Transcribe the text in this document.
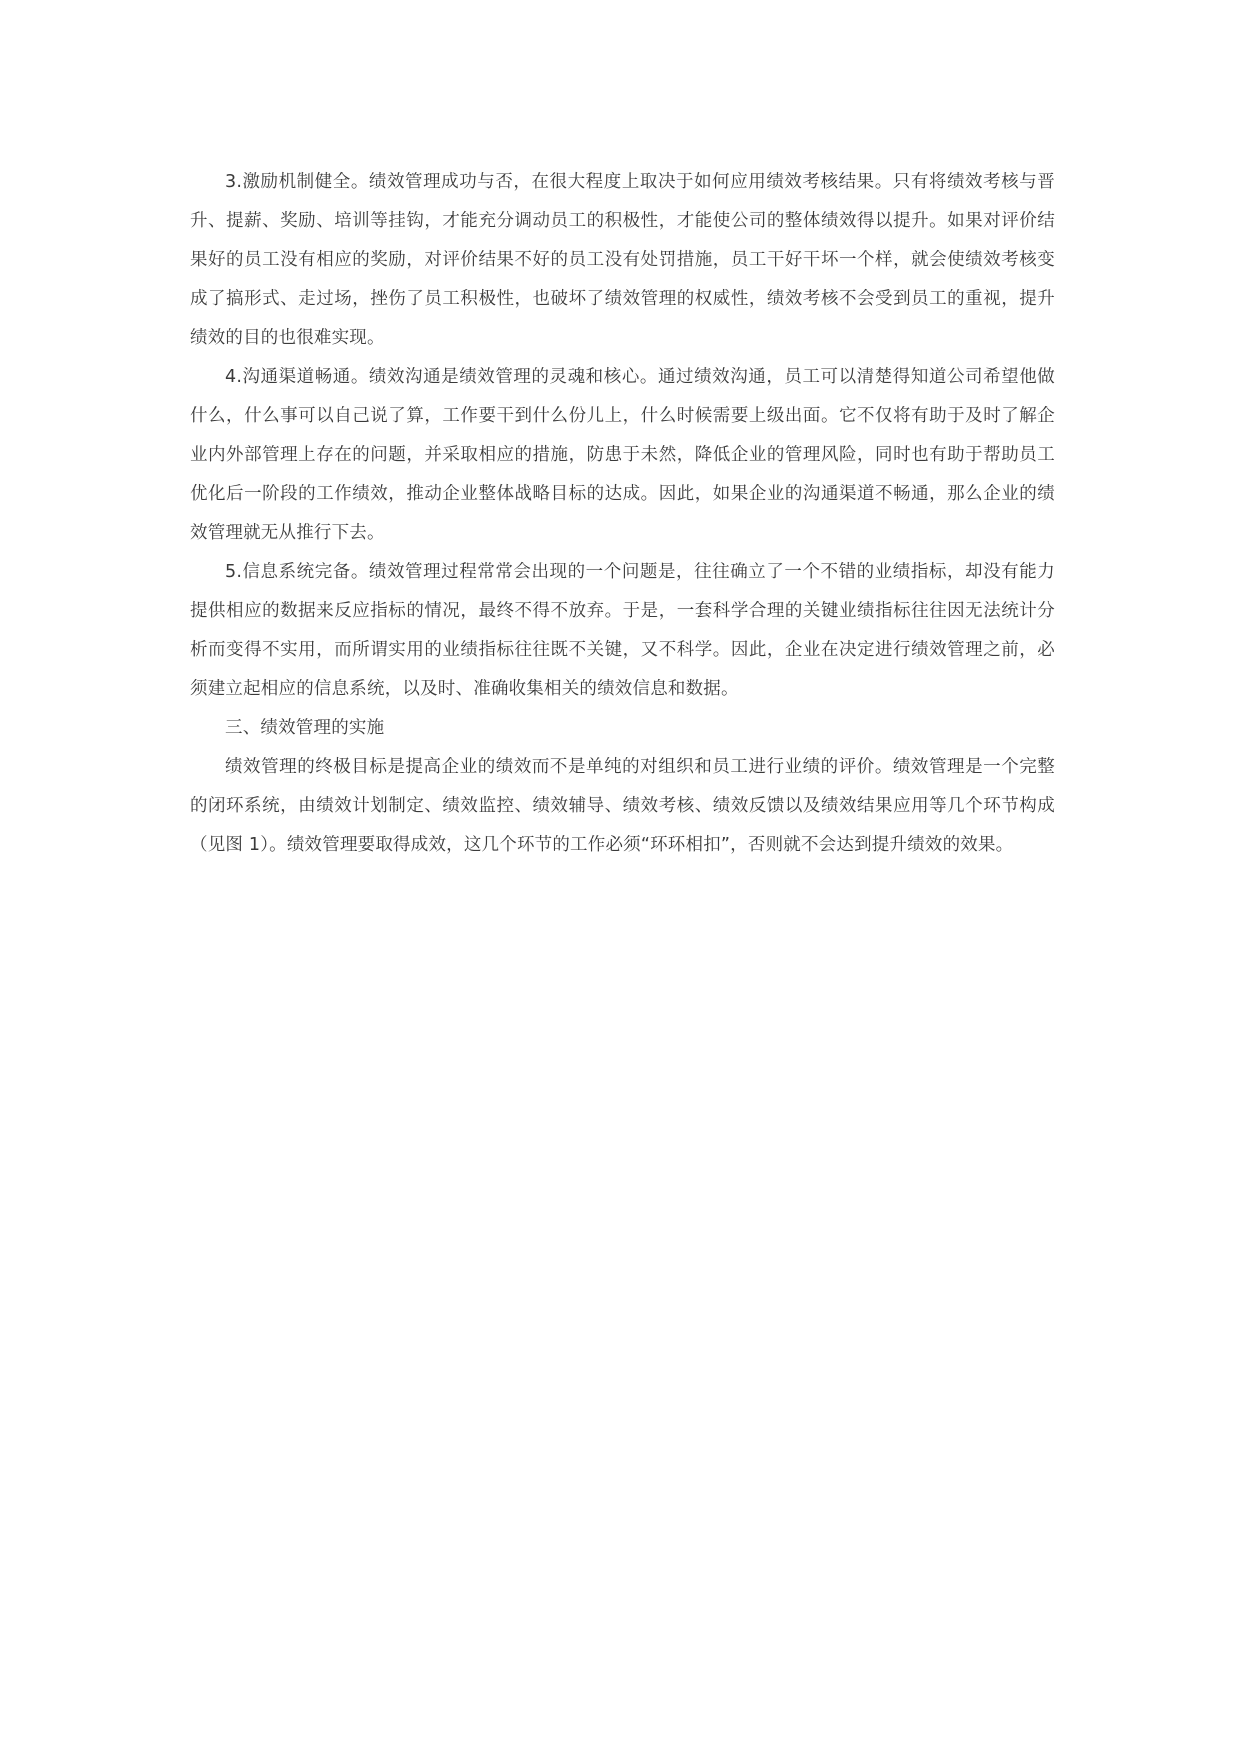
3.激励机制健全。绩效管理成功与否，在很大程度上取决于如何应用绩效考核结果。只有将绩效考核与晋升、提薪、奖励、培训等挂钩，才能充分调动员工的积极性，才能使公司的整体绩效得以提升。如果对评价结果好的员工没有相应的奖励，对评价结果不好的员工没有处罚措施，员工干好干坏一个样，就会使绩效考核变成了搞形式、走过场，挫伤了员工积极性，也破坏了绩效管理的权威性，绩效考核不会受到员工的重视，提升绩效的目的也很难实现。

4.沟通渠道畅通。绩效沟通是绩效管理的灵魂和核心。通过绩效沟通，员工可以清楚得知道公司希望他做什么，什么事可以自己说了算，工作要干到什么份儿上，什么时候需要上级出面。它不仅将有助于及时了解企业内外部管理上存在的问题，并采取相应的措施，防患于未然，降低企业的管理风险，同时也有助于帮助员工优化后一阶段的工作绩效，推动企业整体战略目标的达成。因此，如果企业的沟通渠道不畅通，那么企业的绩效管理就无从推行下去。

5.信息系统完备。绩效管理过程常常会出现的一个问题是，往往确立了一个不错的业绩指标，却没有能力提供相应的数据来反应指标的情况，最终不得不放弃。于是，一套科学合理的关键业绩指标往往因无法统计分析而变得不实用，而所谓实用的业绩指标往往既不关键，又不科学。因此，企业在决定进行绩效管理之前，必须建立起相应的信息系统，以及时、准确收集相关的绩效信息和数据。

三、绩效管理的实施

绩效管理的终极目标是提高企业的绩效而不是单纯的对组织和员工进行业绩的评价。绩效管理是一个完整的闭环系统，由绩效计划制定、绩效监控、绩效辅导、绩效考核、绩效反馈以及绩效结果应用等几个环节构成（见图 1）。绩效管理要取得成效，这几个环节的工作必须“环环相扣”，否则就不会达到提升绩效的效果。
